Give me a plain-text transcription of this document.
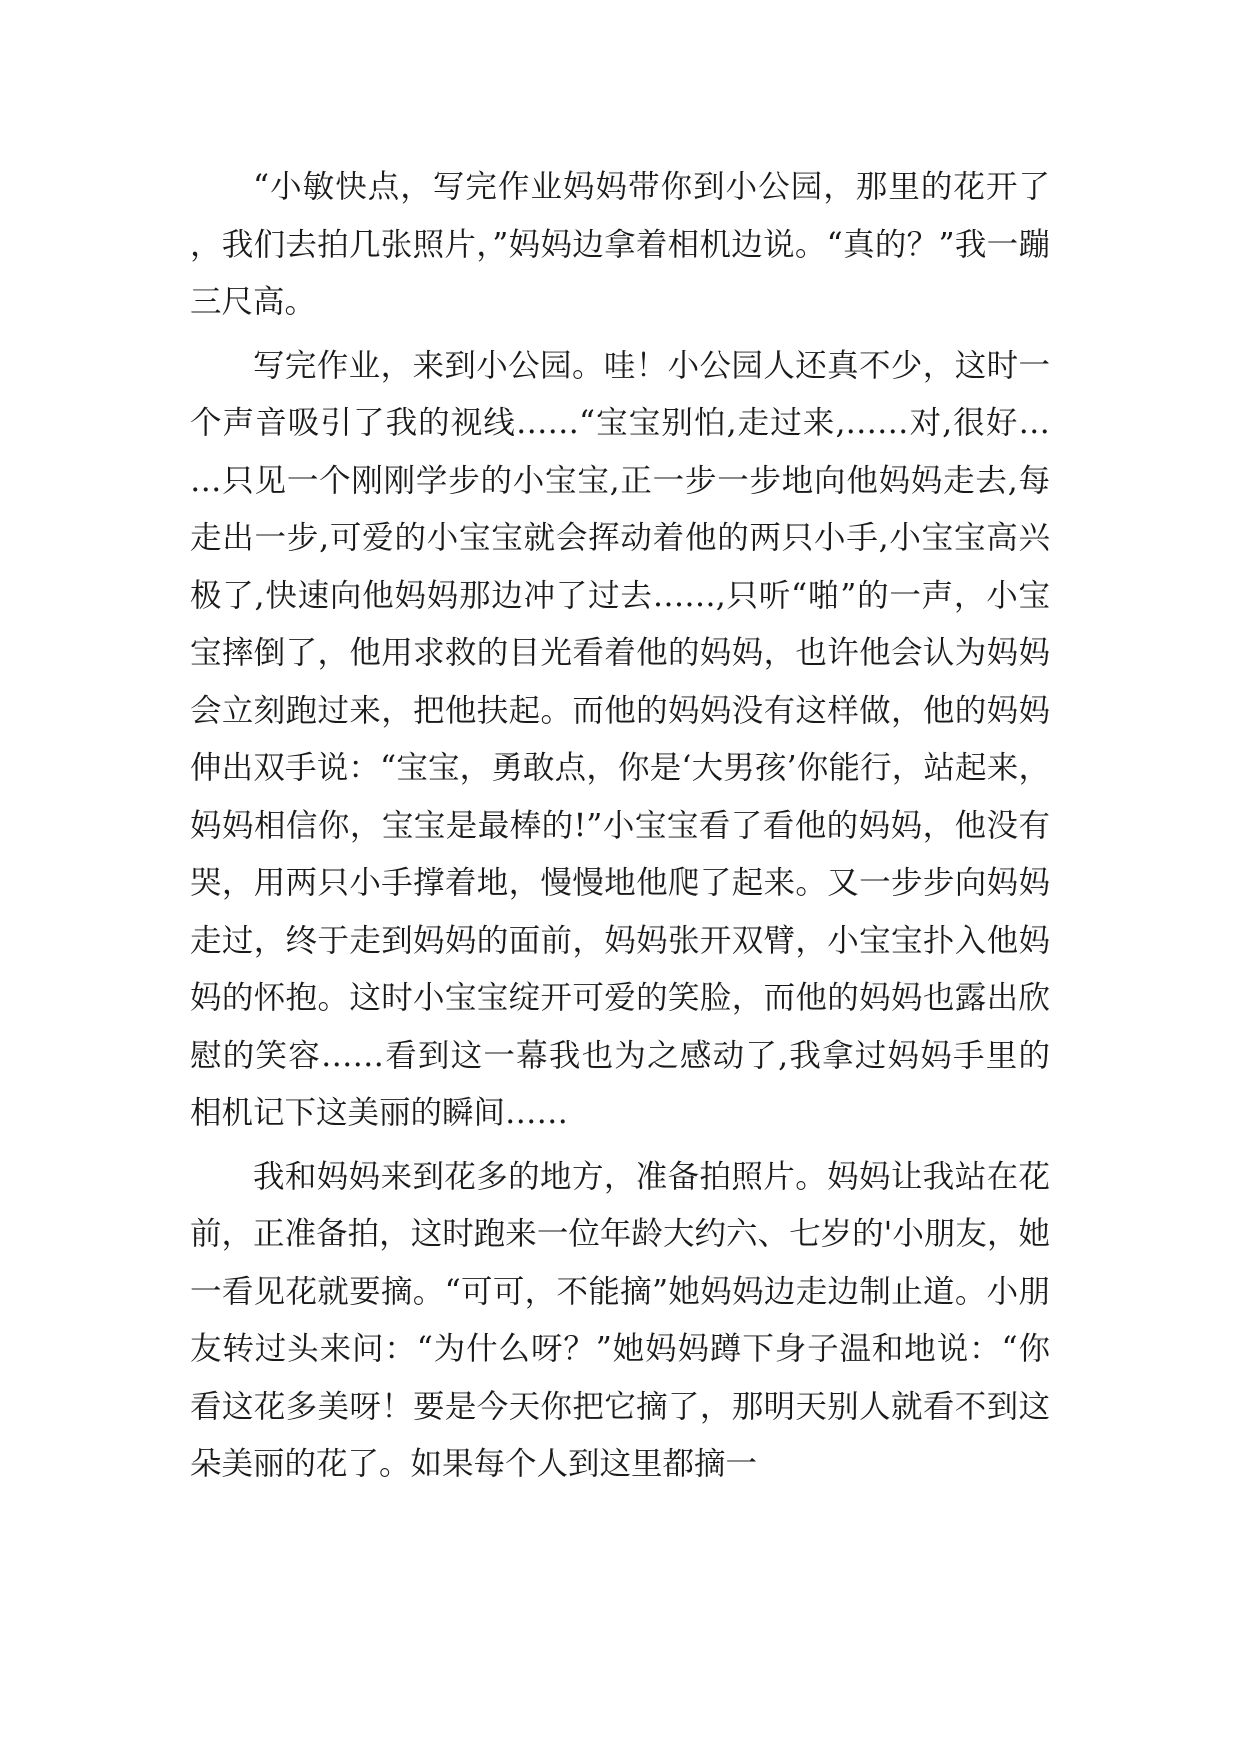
“小敏快点，写完作业妈妈带你到小公园，那里的花开了，我们去拍几张照片，”妈妈边拿着相机边说。“真的？”我一蹦三尺高。

写完作业，来到小公园。哇！小公园人还真不少，这时一个声音吸引了我的视线……“宝宝别怕,走过来,……对,很好……只见一个刚刚学步的小宝宝,正一步一步地向他妈妈走去,每走出一步,可爱的小宝宝就会挥动着他的两只小手,小宝宝高兴极了,快速向他妈妈那边冲了过去……,只听“啪”的一声，小宝宝摔倒了，他用求救的目光看着他的妈妈，也许他会认为妈妈会立刻跑过来，把他扶起。而他的妈妈没有这样做，他的妈妈伸出双手说：“宝宝，勇敢点，你是‘大男孩’你能行，站起来，妈妈相信你，宝宝是最棒的!”小宝宝看了看他的妈妈，他没有哭，用两只小手撑着地，慢慢地他爬了起来。又一步步向妈妈走过，终于走到妈妈的面前，妈妈张开双臂，小宝宝扑入他妈妈的怀抱。这时小宝宝绽开可爱的笑脸，而他的妈妈也露出欣慰的笑容……看到这一幕我也为之感动了,我拿过妈妈手里的相机记下这美丽的瞬间……

我和妈妈来到花多的地方，准备拍照片。妈妈让我站在花前，正准备拍，这时跑来一位年龄大约六、七岁的'小朋友，她一看见花就要摘。“可可，不能摘”她妈妈边走边制止道。小朋友转过头来问：“为什么呀？”她妈妈蹲下身子温和地说：“你看这花多美呀！要是今天你把它摘了，那明天别人就看不到这朵美丽的花了。如果每个人到这里都摘一
